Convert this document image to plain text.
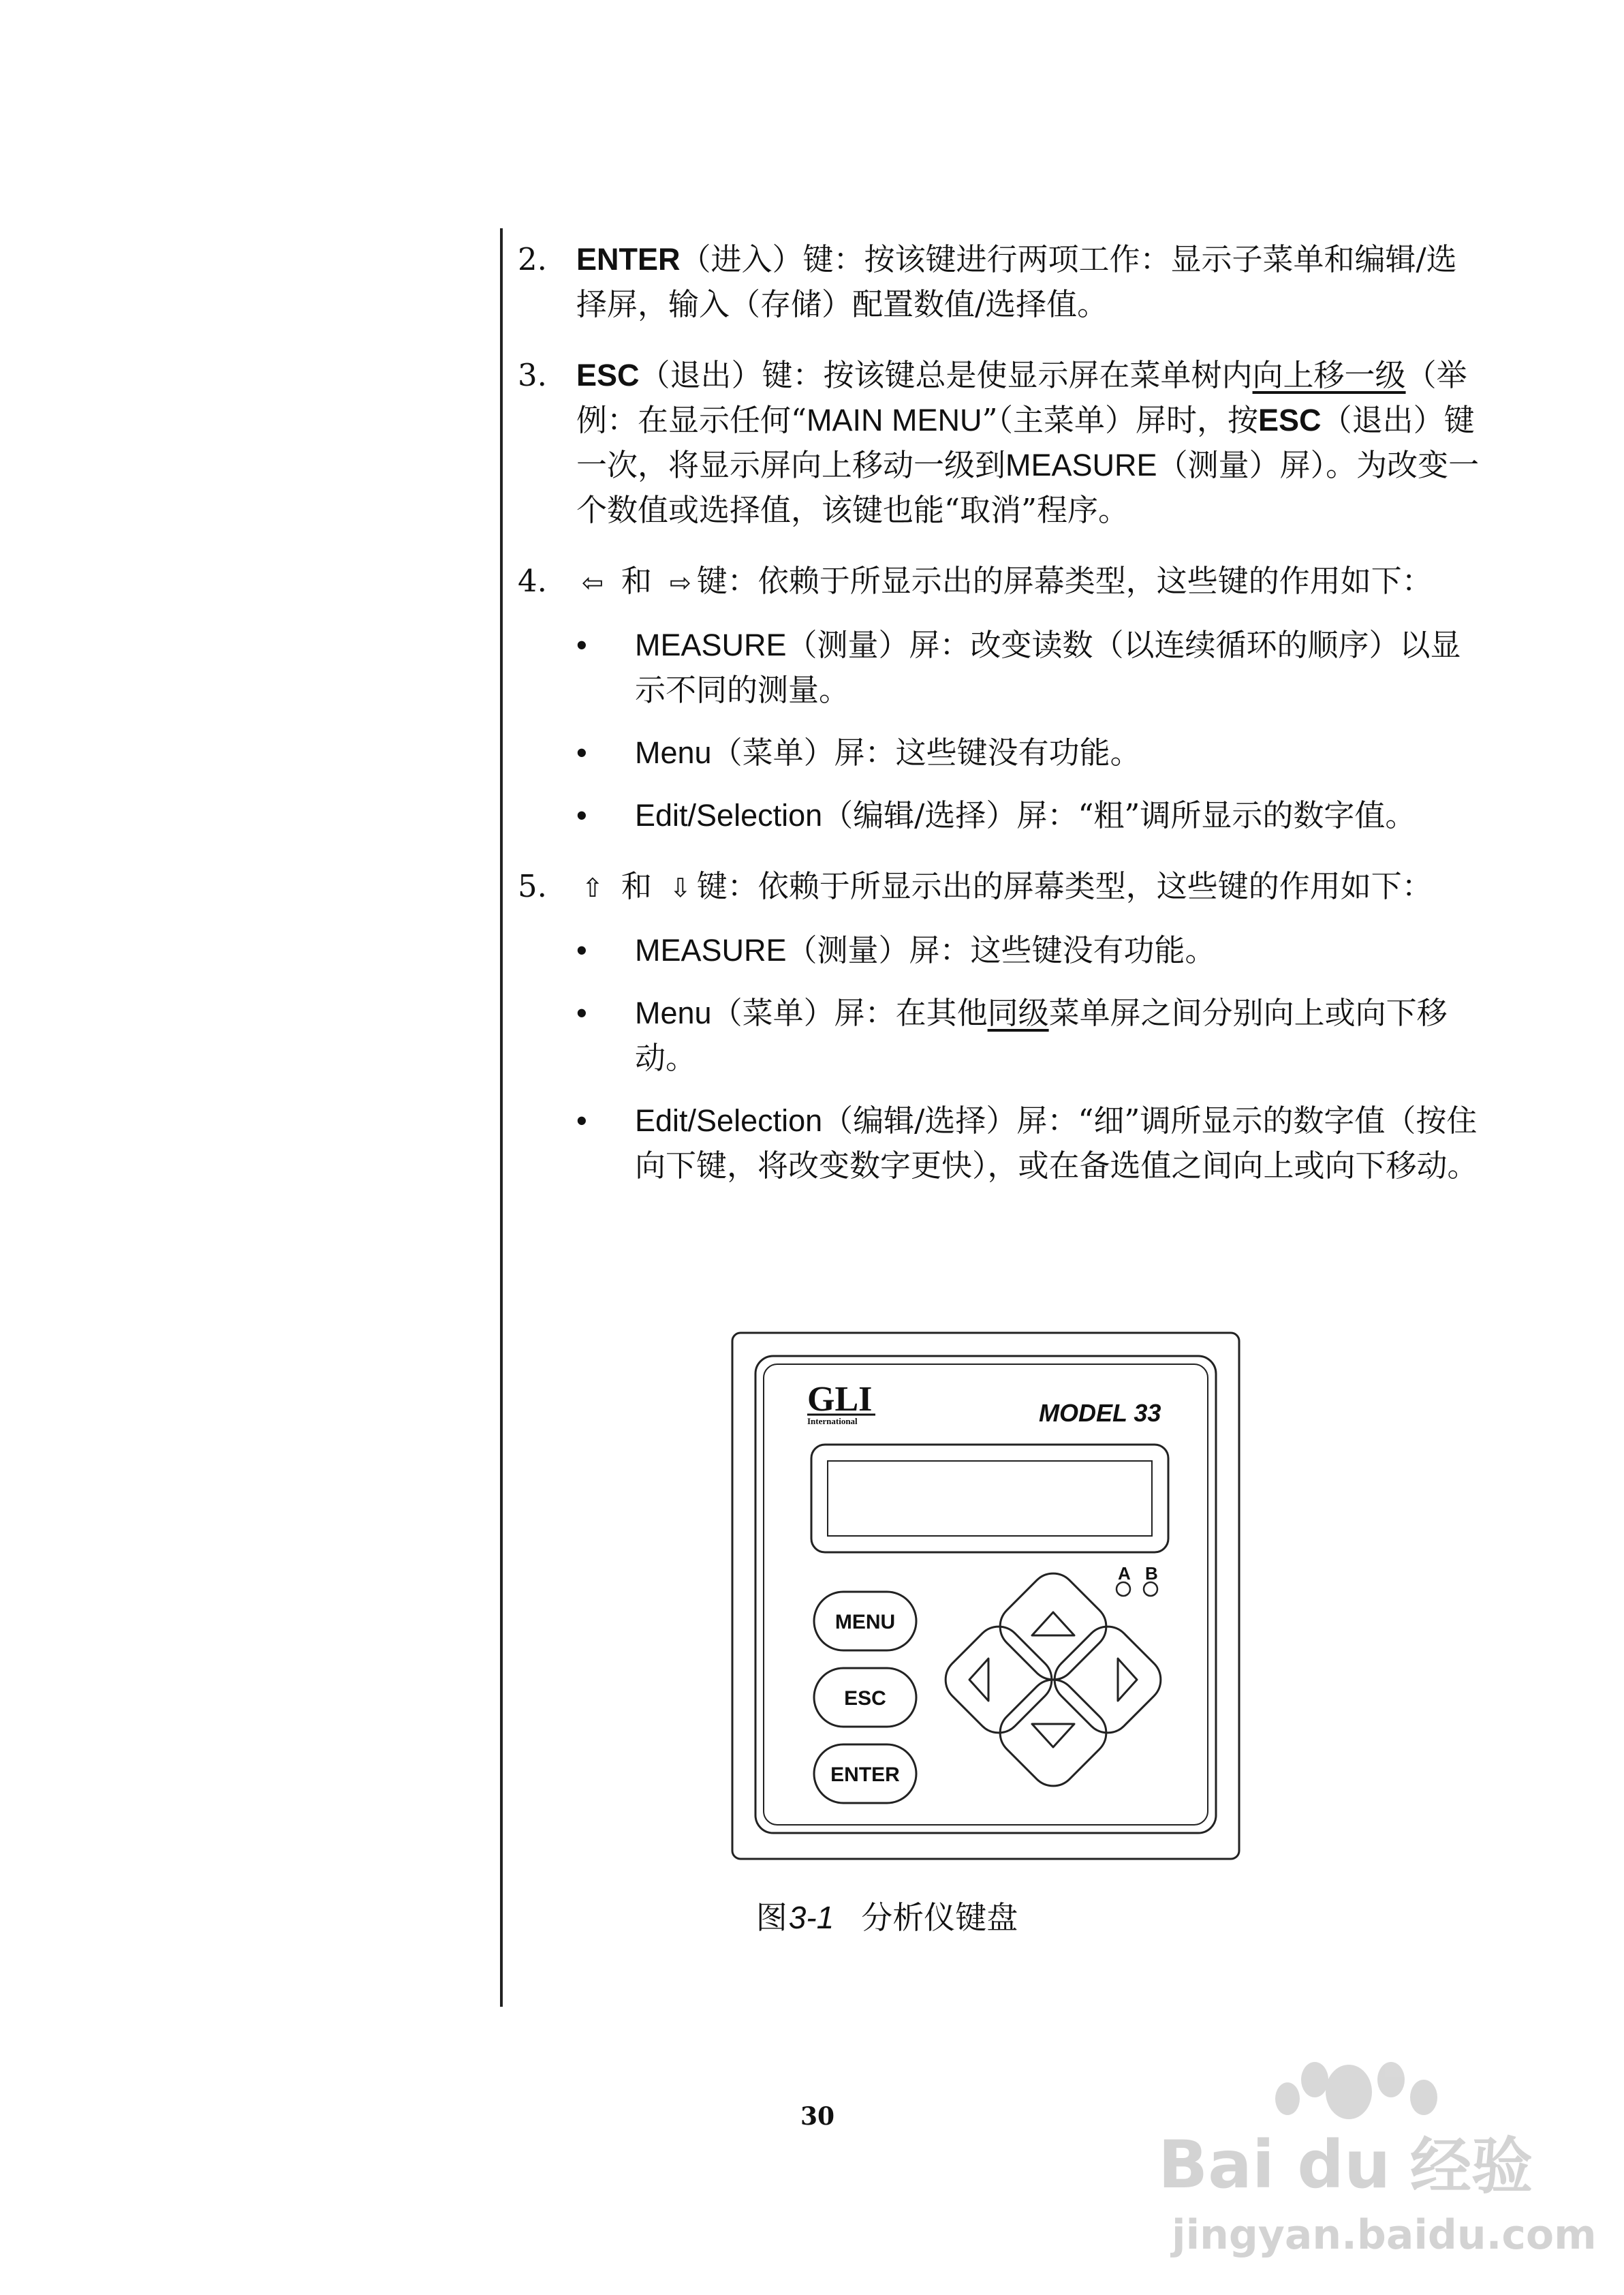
2. ENTER（进入）键：按该键进行两项工作：显示子菜单和编辑/选择屏，输入（存储）配置数值/选择值。
3. ESC（退出）键：按该键总是使显示屏在菜单树内向上移一级（举例：在显示任何“MAIN MENU”（主菜单）屏时，按ESC（退出）键一次，将显示屏向上移动一级到MEASURE（测量）屏）。为改变一个数值或选择值，该键也能“取消”程序。
4. ⇦ 和 ⇨ 键：依赖于所显示出的屏幕类型，这些键的作用如下：
• MEASURE（测量）屏：改变读数（以连续循环的顺序）以显示不同的测量。
• Menu（菜单）屏：这些键没有功能。
• Edit/Selection（编辑/选择）屏：“粗”调所显示的数字值。
5. ⇧ 和 ⇩ 键：依赖于所显示出的屏幕类型，这些键的作用如下：
• MEASURE（测量）屏：这些键没有功能。
• Menu（菜单）屏：在其他同级菜单屏之间分别向上或向下移动。
• Edit/Selection（编辑/选择）屏：“细”调所显示的数字值（按住向下键，将改变数字更快），或在备选值之间向上或向下移动。
GLI
International	MODEL 33
A B
MENU
ESC
ENTER
图3-1 分析仪键盘
30
Bai du 经验
jingyan.baidu.com
